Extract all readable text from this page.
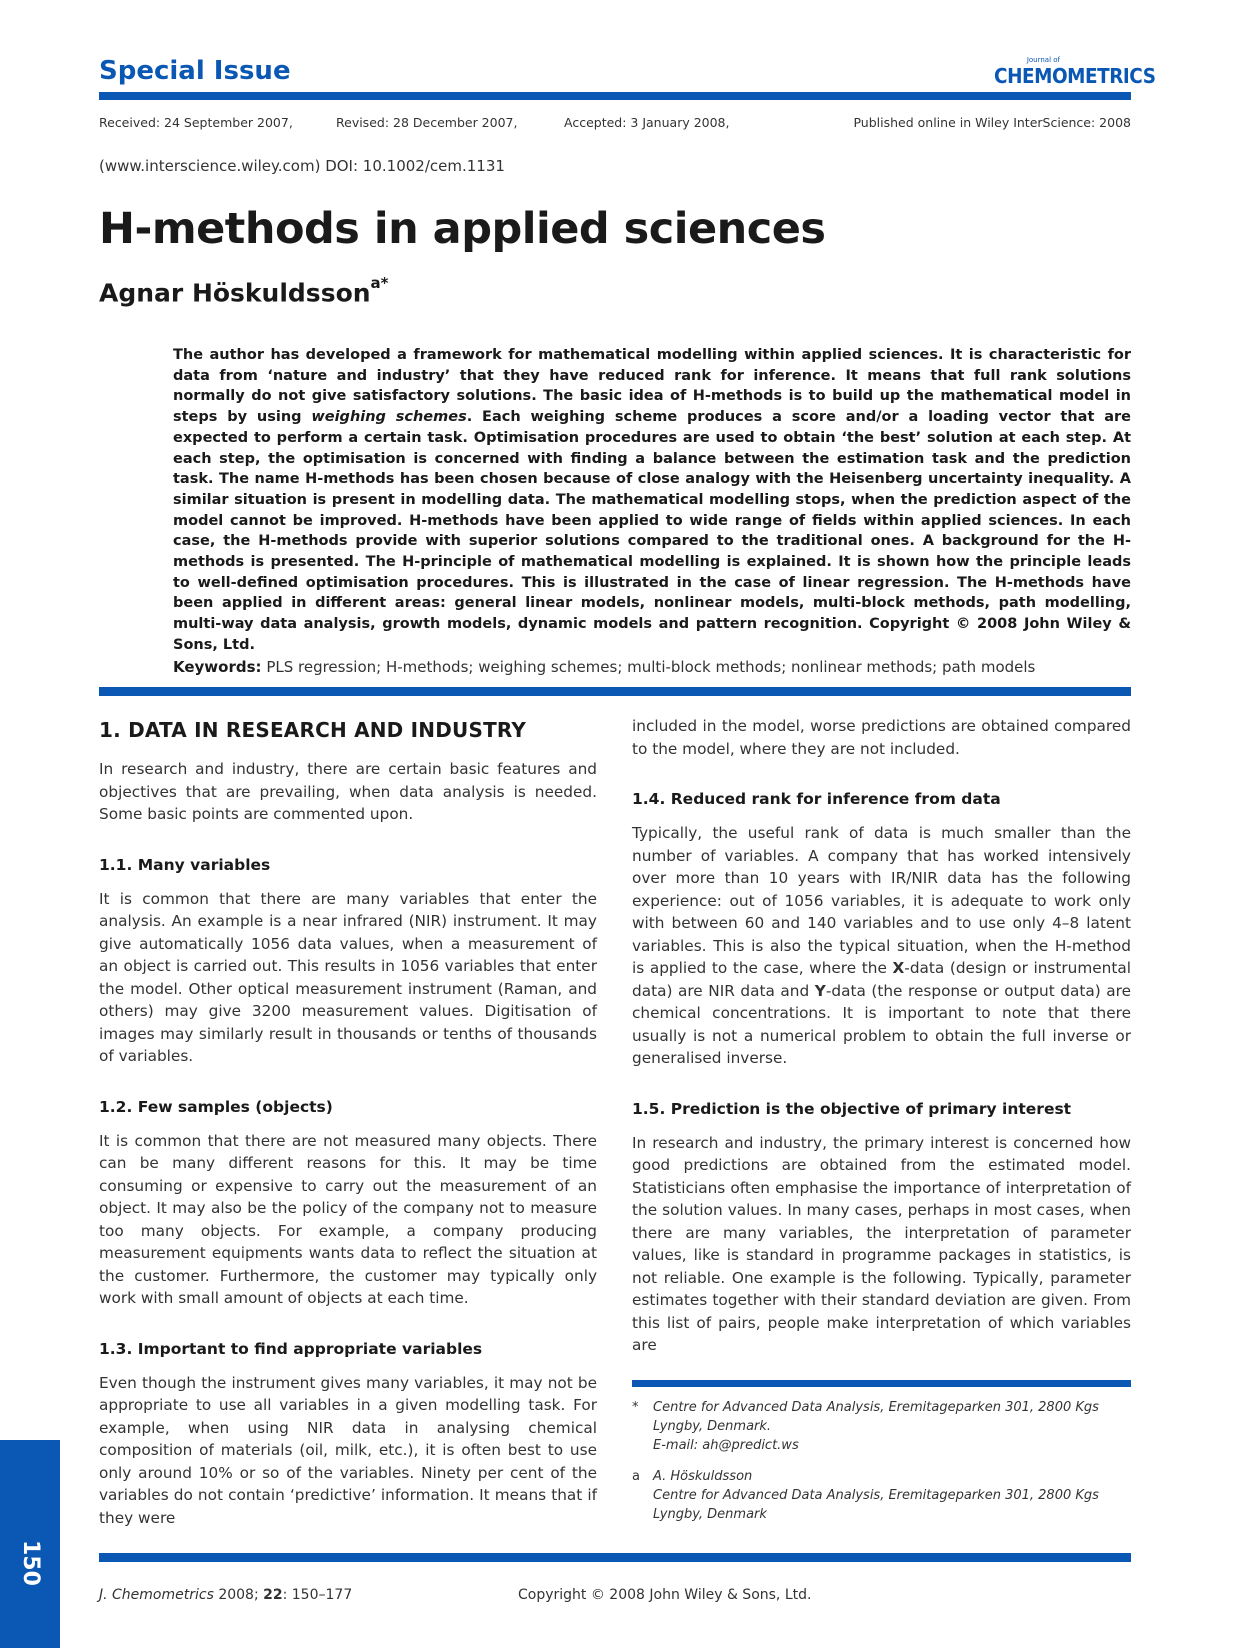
Special Issue	Journal of
CHEMOMETRICS
Received: 24 September 2007,	Revised: 28 December 2007,	Accepted: 3 January 2008,	Published online in Wiley InterScience: 2008
(www.interscience.wiley.com) DOI: 10.1002/cem.1131
H-methods in applied sciences
Agnar Höskuldsson$^{a*}$
The author has developed a framework for mathematical modelling within applied sciences. It is characteristic for data from ‘nature and industry’ that they have reduced rank for inference. It means that full rank solutions normally do not give satisfactory solutions. The basic idea of H-methods is to build up the mathematical model in steps by using weighing schemes. Each weighing scheme produces a score and/or a loading vector that are expected to perform a certain task. Optimisation procedures are used to obtain ‘the best’ solution at each step. At each step, the optimisation is concerned with finding a balance between the estimation task and the prediction task. The name H-methods has been chosen because of close analogy with the Heisenberg uncertainty inequality. A similar situation is present in modelling data. The mathematical modelling stops, when the prediction aspect of the model cannot be improved. H-methods have been applied to wide range of fields within applied sciences. In each case, the H-methods provide with superior solutions compared to the traditional ones. A background for the H-methods is presented. The H-principle of mathematical modelling is explained. It is shown how the principle leads to well-defined optimisation procedures. This is illustrated in the case of linear regression. The H-methods have been applied in different areas: general linear models, nonlinear models, multi-block methods, path modelling, multi-way data analysis, growth models, dynamic models and pattern recognition. Copyright © 2008 John Wiley & Sons, Ltd.
Keywords: PLS regression; H-methods; weighing schemes; multi-block methods; nonlinear methods; path models
1. DATA IN RESEARCH AND INDUSTRY

In research and industry, there are certain basic features and objectives that are prevailing, when data analysis is needed. Some basic points are commented upon.

1.1. Many variables

It is common that there are many variables that enter the analysis. An example is a near infrared (NIR) instrument. It may give automatically 1056 data values, when a measurement of an object is carried out. This results in 1056 variables that enter the model. Other optical measurement instrument (Raman, and others) may give 3200 measurement values. Digitisation of images may similarly result in thousands or tenths of thousands of variables.

1.2. Few samples (objects)

It is common that there are not measured many objects. There can be many different reasons for this. It may be time consuming or expensive to carry out the measurement of an object. It may also be the policy of the company not to measure too many objects. For example, a company producing measurement equipments wants data to reflect the situation at the customer. Furthermore, the customer may typically only work with small amount of objects at each time.

1.3. Important to find appropriate variables

Even though the instrument gives many variables, it may not be appropriate to use all variables in a given modelling task. For example, when using NIR data in analysing chemical composition of materials (oil, milk, etc.), it is often best to use only around 10% or so of the variables. Ninety per cent of the variables do not contain ‘predictive’ information. It means that if they were

included in the model, worse predictions are obtained compared to the model, where they are not included.

1.4. Reduced rank for inference from data

Typically, the useful rank of data is much smaller than the number of variables. A company that has worked intensively over more than 10 years with IR/NIR data has the following experience: out of 1056 variables, it is adequate to work only with between 60 and 140 variables and to use only 4–8 latent variables. This is also the typical situation, when the H-method is applied to the case, where the X-data (design or instrumental data) are NIR data and Y-data (the response or output data) are chemical concentrations. It is important to note that there usually is not a numerical problem to obtain the full inverse or generalised inverse.

1.5. Prediction is the objective of primary interest

In research and industry, the primary interest is concerned how good predictions are obtained from the estimated model. Statisticians often emphasise the importance of interpretation of the solution values. In many cases, perhaps in most cases, when there are many variables, the interpretation of parameter values, like is standard in programme packages in statistics, is not reliable. One example is the following. Typically, parameter estimates together with their standard deviation are given. From this list of pairs, people make interpretation of which variables are

* Centre for Advanced Data Analysis, Eremitageparken 301, 2800 Kgs Lyngby, Denmark.
E-mail: ah@predict.ws
a A. Höskuldsson
Centre for Advanced Data Analysis, Eremitageparken 301, 2800 Kgs Lyngby, Denmark
J. Chemometrics 2008; 22: 150–177	Copyright © 2008 John Wiley & Sons, Ltd.
150
